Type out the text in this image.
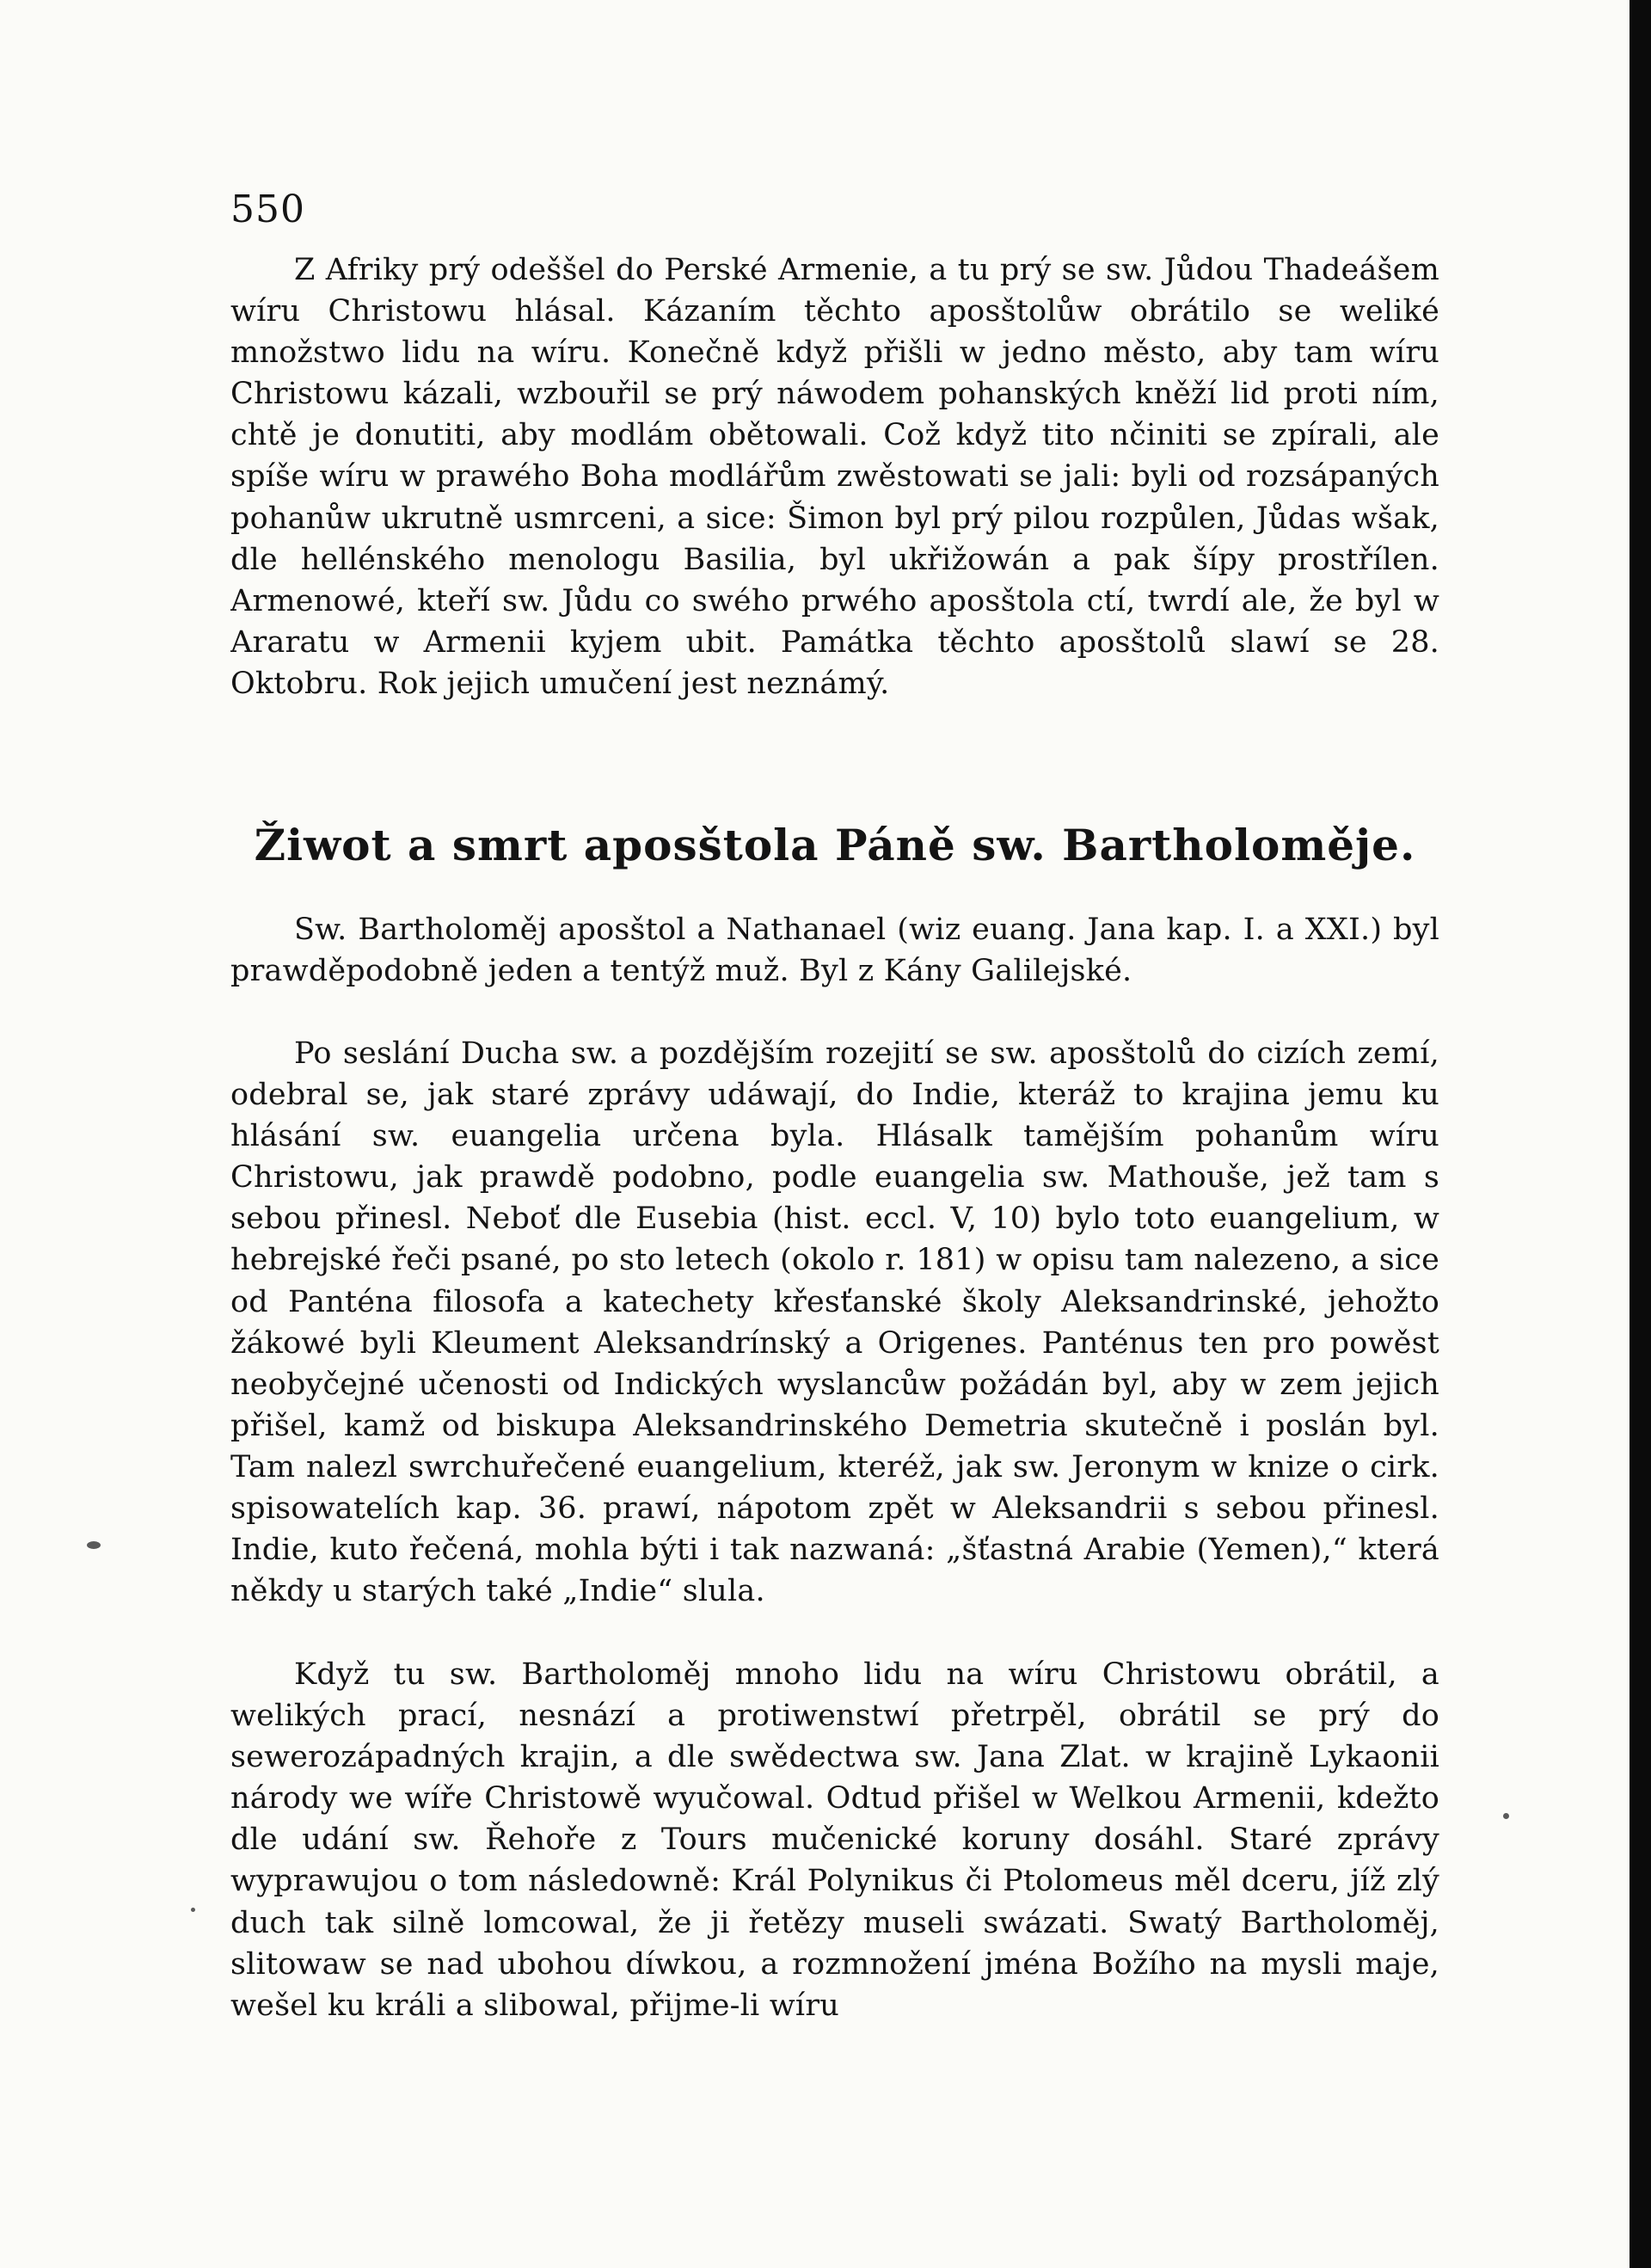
550

Z Afriky prý odeššel do Perské Armenie, a tu prý se sw. Jůdou Thadeášem wíru Christowu hlásal. Kázaním těchto aposštolůw obrátilo se weliké množstwo lidu na wíru. Konečně když přišli w jedno město, aby tam wíru Christowu kázali, wzbouřil se prý náwodem pohanských kněží lid proti ním, chtě je donutiti, aby modlám obětowali. Což když tito nčiniti se zpírali, ale spíše wíru w prawého Boha modlářům zwěstowati se jali: byli od rozsápaných pohanůw ukrutně usmrceni, a sice: Šimon byl prý pilou rozpůlen, Jůdas wšak, dle hellénského menologu Basilia, byl ukřižowán a pak šípy prostřílen. Armenowé, kteří sw. Jůdu co swého prwého aposštola ctí, twrdí ale, že byl w Araratu w Armenii kyjem ubit. Památka těchto aposštolů slawí se 28. Oktobru. Rok jejich umučení jest neznámý.

Žiwot a smrt aposštola Páně sw. Bartholoměje.

Sw. Bartholoměj aposštol a Nathanael (wiz euang. Jana kap. I. a XXI.) byl prawděpodobně jeden a tentýž muž. Byl z Kány Galilejské.

Po seslání Ducha sw. a pozdějším rozejití se sw. aposštolů do cizích zemí, odebral se, jak staré zprávy udáwají, do Indie, kteráž to krajina jemu ku hlásání sw. euangelia určena byla. Hlásalk tamějším pohanům wíru Christowu, jak prawdě podobno, podle euangelia sw. Mathouše, jež tam s sebou přinesl. Neboť dle Eusebia (hist. eccl. V, 10) bylo toto euangelium, w hebrejské řeči psané, po sto letech (okolo r. 181) w opisu tam nalezeno, a sice od Panténa filosofa a katechety křesťanské školy Aleksandrinské, jehožto žákowé byli Kleument Aleksandrínský a Origenes. Panténus ten pro powěst neobyčejné učenosti od Indických wyslancůw požádán byl, aby w zem jejich přišel, kamž od biskupa Aleksandrinského Demetria skutečně i poslán byl. Tam nalezl swrchuřečené euangelium, kteréž, jak sw. Jeronym w knize o cirk. spisowatelích kap. 36. prawí, nápotom zpět w Aleksandrii s sebou přinesl. Indie, kuto řečená, mohla býti i tak nazwaná: „šťastná Arabie (Yemen),“ která někdy u starých také „Indie“ slula.

Když tu sw. Bartholoměj mnoho lidu na wíru Christowu obrátil, a welikých prací, nesnází a protiwenstwí přetrpěl, obrátil se prý do sewerozápadných krajin, a dle swědectwa sw. Jana Zlat. w krajině Lykaonii národy we wíře Christowě wyučowal. Odtud přišel w Welkou Armenii, kdežto dle udání sw. Řehoře z Tours mučenické koruny dosáhl. Staré zprávy wyprawujou o tom následowně: Král Polynikus či Ptolomeus měl dceru, jíž zlý duch tak silně lomcowal, že ji řetězy museli swázati. Swatý Bartholoměj, slitowaw se nad ubohou díwkou, a rozmnožení jména Božího na mysli maje, wešel ku králi a slibowal, přijme-li wíru
